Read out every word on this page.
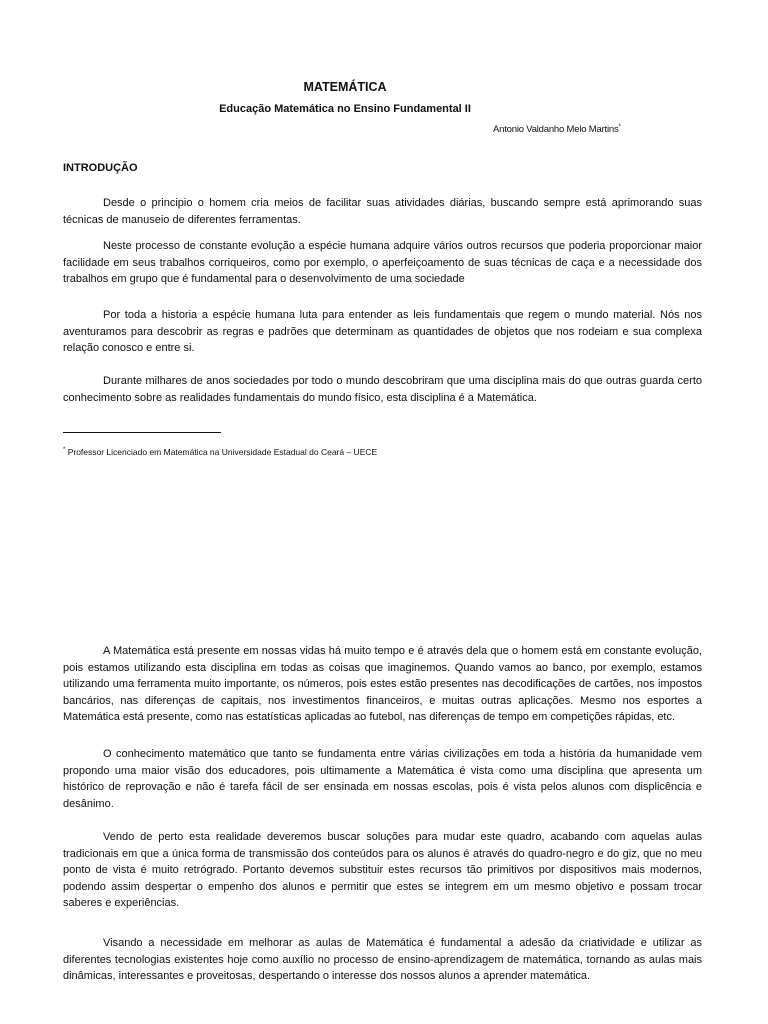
MATEMÁTICA
Educação Matemática no Ensino Fundamental II
Antonio Valdanho Melo Martins*
INTRODUÇÃO

Desde o principio o homem cria meios de facilitar suas atividades diárias, buscando sempre está aprimorando suas técnicas de manuseio de diferentes ferramentas.

Neste processo de constante evolução a espécie humana adquire vários outros recursos que poderia proporcionar maior facilidade em seus trabalhos corriqueiros, como por exemplo, o aperfeiçoamento de suas técnicas de caça e a necessidade dos trabalhos em grupo que é fundamental para o desenvolvimento de uma sociedade

Por toda a historia a espécie humana luta para entender as leis fundamentais que regem o mundo material. Nós nos aventuramos para descobrir as regras e padrões que determinam as quantidades de objetos que nos rodeiam e sua complexa relação conosco e entre si.

Durante milhares de anos sociedades por todo o mundo descobriram que uma disciplina mais do que outras guarda certo conhecimento sobre as realidades fundamentais do mundo físico, esta disciplina é a Matemática.

* Professor Licenciado em Matemática na Universidade Estadual do Ceará – UECE

A Matemática está presente em nossas vidas há muito tempo e é através dela que o homem está em constante evolução, pois estamos utilizando esta disciplina em todas as coisas que imaginemos. Quando vamos ao banco, por exemplo, estamos utilizando uma ferramenta muito importante, os números, pois estes estão presentes nas decodificações de cartões, nos impostos bancários, nas diferenças de capitais, nos investimentos financeiros, e muitas outras aplicações. Mesmo nos esportes a Matemática está presente, como nas estatísticas aplicadas ao futebol, nas diferenças de tempo em competições rápidas, etc.

O conhecimento matemático que tanto se fundamenta entre várias civilizações em toda a história da humanidade vem propondo uma maior visão dos educadores, pois ultimamente a Matemática é vista como uma disciplina que apresenta um histórico de reprovação e não é tarefa fácil de ser ensinada em nossas escolas, pois é vista pelos alunos com displicência e desânimo.

Vendo de perto esta realidade deveremos buscar soluções para mudar este quadro, acabando com aquelas aulas tradicionais em que a única forma de transmissão dos conteúdos para os alunos é através do quadro-negro e do giz, que no meu ponto de vista é muito retrógrado. Portanto devemos substituir estes recursos tão primitivos por dispositivos mais modernos, podendo assim despertar o empenho dos alunos e permitir que estes se integrem em um mesmo objetivo e possam trocar saberes e experiências.

Visando a necessidade em melhorar as aulas de Matemática é fundamental a adesão da criatividade e utilizar as diferentes tecnologias existentes hoje como auxílio no processo de ensino-aprendizagem de matemática, tornando as aulas mais dinâmicas, interessantes e proveitosas, despertando o interesse dos nossos alunos a aprender matemática.
